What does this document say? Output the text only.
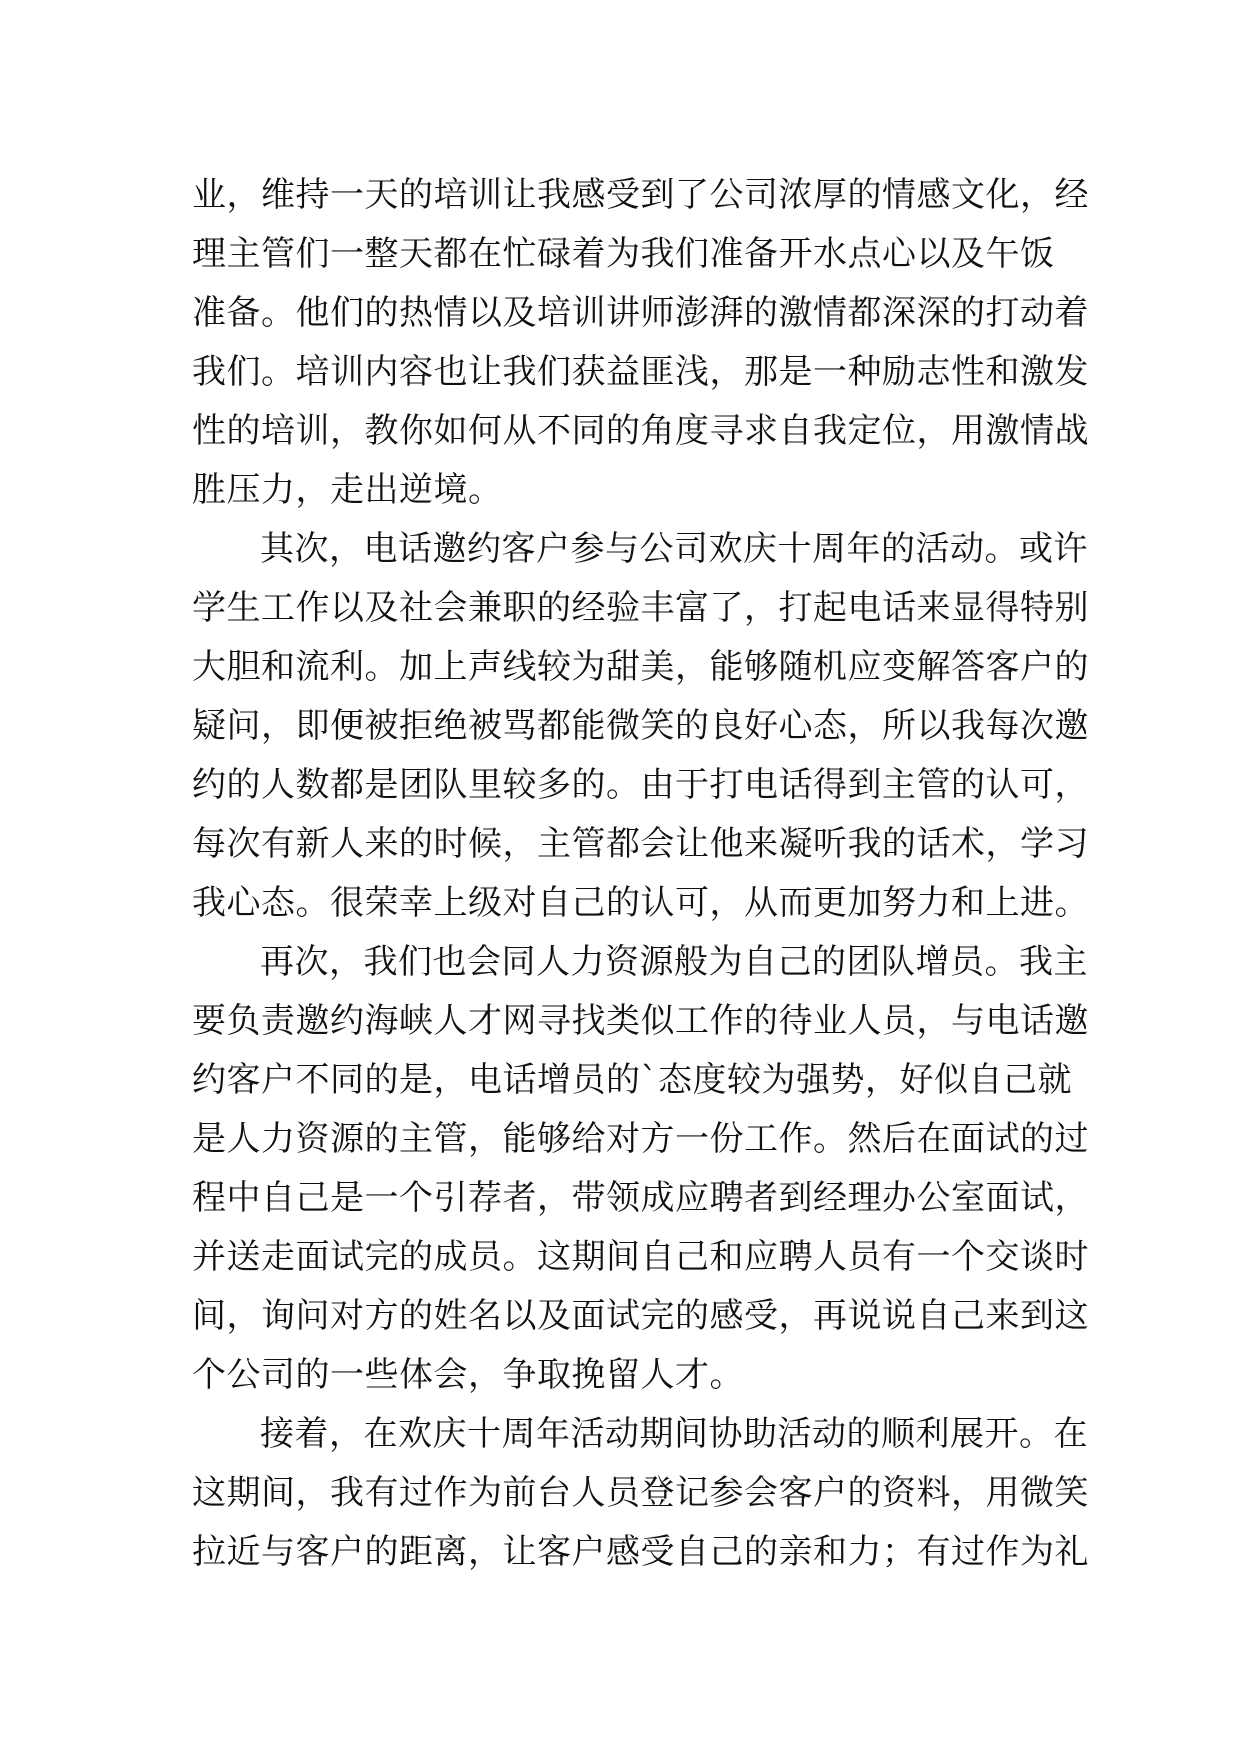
业，维持一天的培训让我感受到了公司浓厚的情感文化，经
理主管们一整天都在忙碌着为我们准备开水点心以及午饭
准备。他们的热情以及培训讲师澎湃的激情都深深的打动着
我们。培训内容也让我们获益匪浅，那是一种励志性和激发
性的培训，教你如何从不同的角度寻求自我定位，用激情战
胜压力，走出逆境。
其次，电话邀约客户参与公司欢庆十周年的活动。或许
学生工作以及社会兼职的经验丰富了，打起电话来显得特别
大胆和流利。加上声线较为甜美，能够随机应变解答客户的
疑问，即便被拒绝被骂都能微笑的良好心态，所以我每次邀
约的人数都是团队里较多的。由于打电话得到主管的认可，
每次有新人来的时候，主管都会让他来凝听我的话术，学习
我心态。很荣幸上级对自己的认可，从而更加努力和上进。
再次，我们也会同人力资源般为自己的团队增员。我主
要负责邀约海峡人才网寻找类似工作的待业人员，与电话邀
约客户不同的是，电话增员的`态度较为强势，好似自己就
是人力资源的主管，能够给对方一份工作。然后在面试的过
程中自己是一个引荐者，带领成应聘者到经理办公室面试，
并送走面试完的成员。这期间自己和应聘人员有一个交谈时
间，询问对方的姓名以及面试完的感受，再说说自己来到这
个公司的一些体会，争取挽留人才。
接着，在欢庆十周年活动期间协助活动的顺利展开。在
这期间，我有过作为前台人员登记参会客户的资料，用微笑
拉近与客户的距离，让客户感受自己的亲和力；有过作为礼
